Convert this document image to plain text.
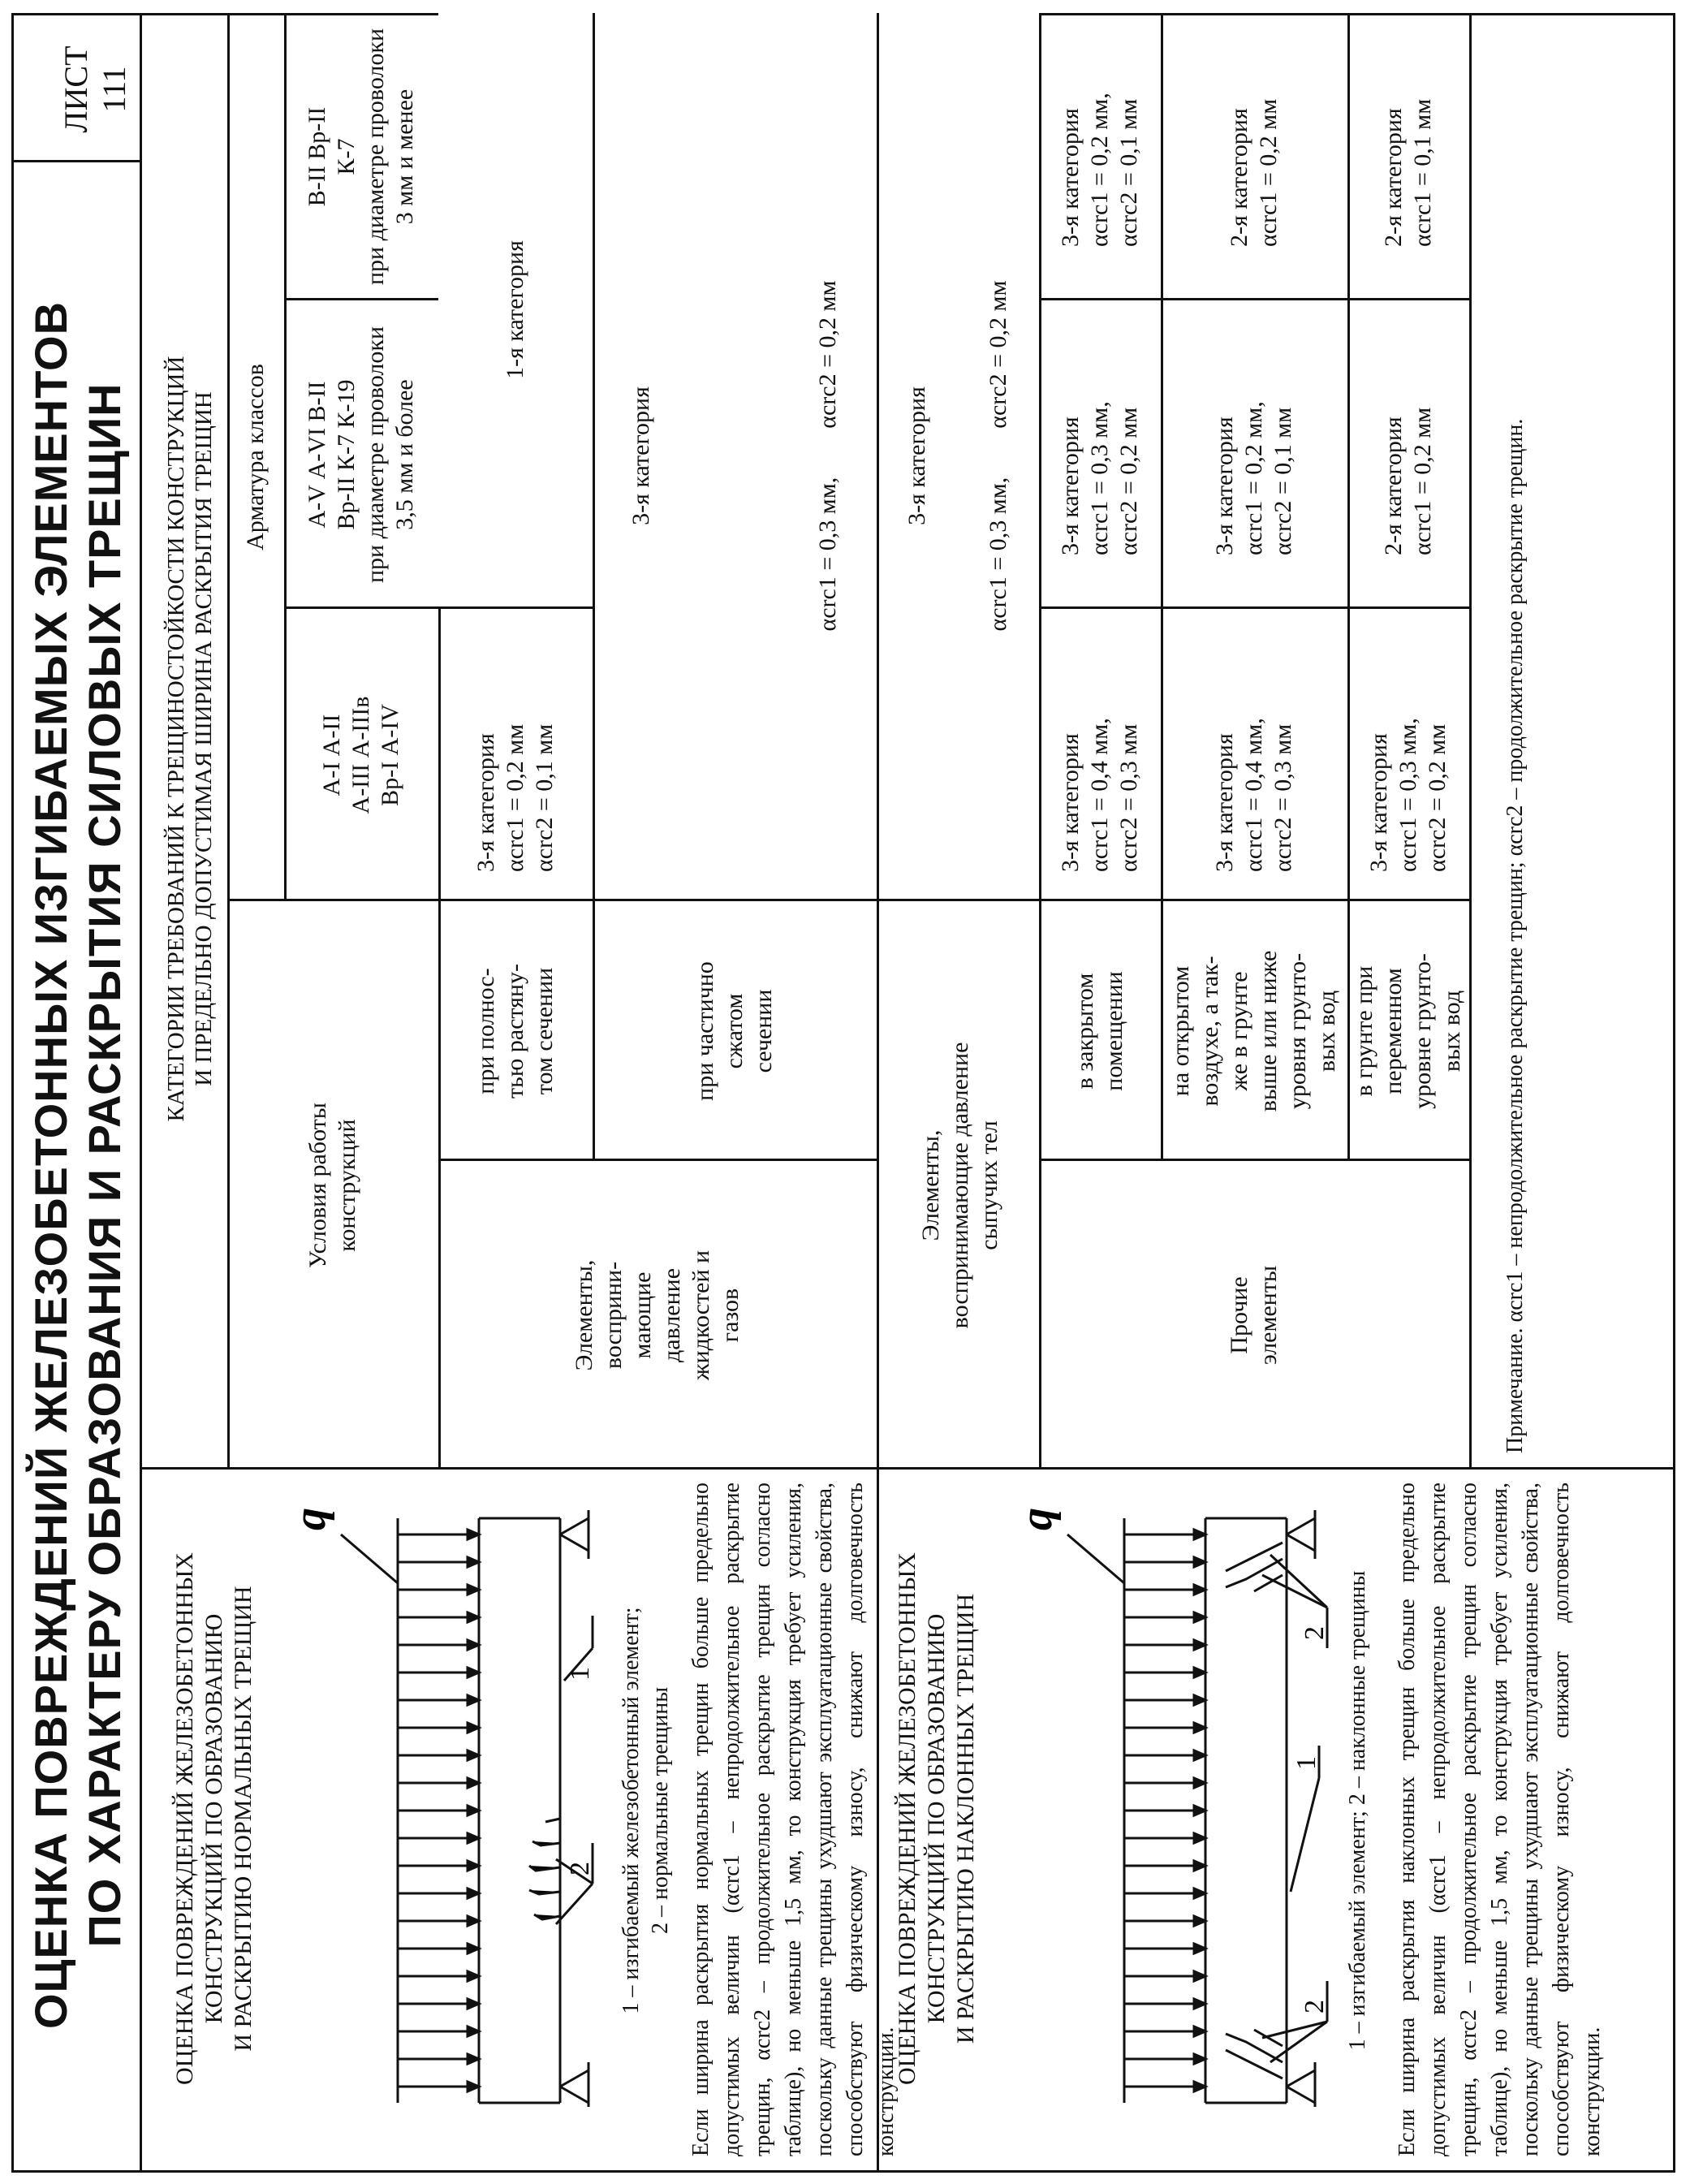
ОЦЕНКА ПОВРЕЖДЕНИЙ ЖЕЛЕЗОБЕТОННЫХ ИЗГИБАЕМЫХ ЭЛЕМЕНТОВ ПО ХАРАКТЕРУ ОБРАЗОВАНИЯ И РАСКРЫТИЯ СИЛОВЫХ ТРЕЩИН
ЛИСТ 111
ОЦЕНКА ПОВРЕЖДЕНИЙ ЖЕЛЕЗОБЕТОННЫХ КОНСТРУКЦИЙ ПО ОБРАЗОВАНИЮ И РАСКРЫТИЮ НОРМАЛЬНЫХ ТРЕЩИН
q
1
2 1 – изгибаемый железобетонный элемент; 2 – нормальные трещины Если ширина раскрытия нормальных трещин больше предельно допустимых величин (αcrc1 – непродолжительное раскрытие трещин, αcrc2 – продолжительное раскрытие трещин согласно таблице), но меньше 1,5 мм, то конструкция требует усиления, поскольку данные трещины ухудшают эксплуатационные свойства, способствуют физическому износу, снижают долговечность конструкции.
ОЦЕНКА ПОВРЕЖДЕНИЙ ЖЕЛЕЗОБЕТОННЫХ КОНСТРУКЦИЙ ПО ОБРАЗОВАНИЮ И РАСКРЫТИЮ НАКЛОННЫХ ТРЕЩИН
q
1
2
2 1 – изгибаемый элемент; 2 – наклонные трещины Если ширина раскрытия наклонных трещин больше предельно допустимых величин (αcrc1 – непродолжительное раскрытие трещин, αcrc2 – продолжительное раскрытие трещин согласно таблице), но меньше 1,5 мм, то конструкция требует усиления, поскольку данные трещины ухудшают эксплуатационные свойства, способствуют физическому износу, снижают долговечность конструкции.
КАТЕГОРИИ ТРЕБОВАНИЙ К ТРЕЩИНОСТОЙКОСТИ КОНСТРУКЦИЙ И ПРЕДЕЛЬНО ДОПУСТИМАЯ ШИРИНА РАСКРЫТИЯ ТРЕЩИН
Условия работы конструкций
Арматура классов
А-I А-II А-III А-IIIв Вр-I А-IV
А-V А-VI В-II Вр-II К-7 К-19 при диаметре проволоки 3,5 мм и более
В-II Вр-II К-7 при диаметре проволоки 3 мм и менее
Элементы, восприни- мающие давление жидкостей и газов
при полнос- тью растяну- том сечении
3-я категория αcrc1 = 0,2 мм αcrc2 = 0,1 мм
1-я категория
при частично сжатом сечении
3-я категория	αcrc1 = 0,3 мм,        αcrc2 = 0,2 мм
Элементы, воспринимающие давление сыпучих тел
3-я категория	αcrc1 = 0,3 мм,        αcrc2 = 0,2 мм
Прочие элементы
в закрытом помещении
3-я категория αcrc1 = 0,4 мм, αcrc2 = 0,3 мм
3-я категория αcrc1 = 0,3 мм, αcrc2 = 0,2 мм
3-я категория αcrc1 = 0,2 мм, αcrc2 = 0,1 мм
на открытом воздухе, а так- же в грунте выше или ниже уровня грунто- вых вод
3-я категория αcrc1 = 0,4 мм, αcrc2 = 0,3 мм
3-я категория αcrc1 = 0,2 мм, αcrc2 = 0,1 мм
2-я категория αcrc1 = 0,2 мм
в грунте при переменном уровне грунто- вых вод
3-я категория αcrc1 = 0,3 мм, αcrc2 = 0,2 мм
2-я категория αcrc1 = 0,2 мм
2-я категория αcrc1 = 0,1 мм
Примечание. αcrc1 – непродолжительное раскрытие трещин; αcrc2 – продолжительное раскрытие трещин.
